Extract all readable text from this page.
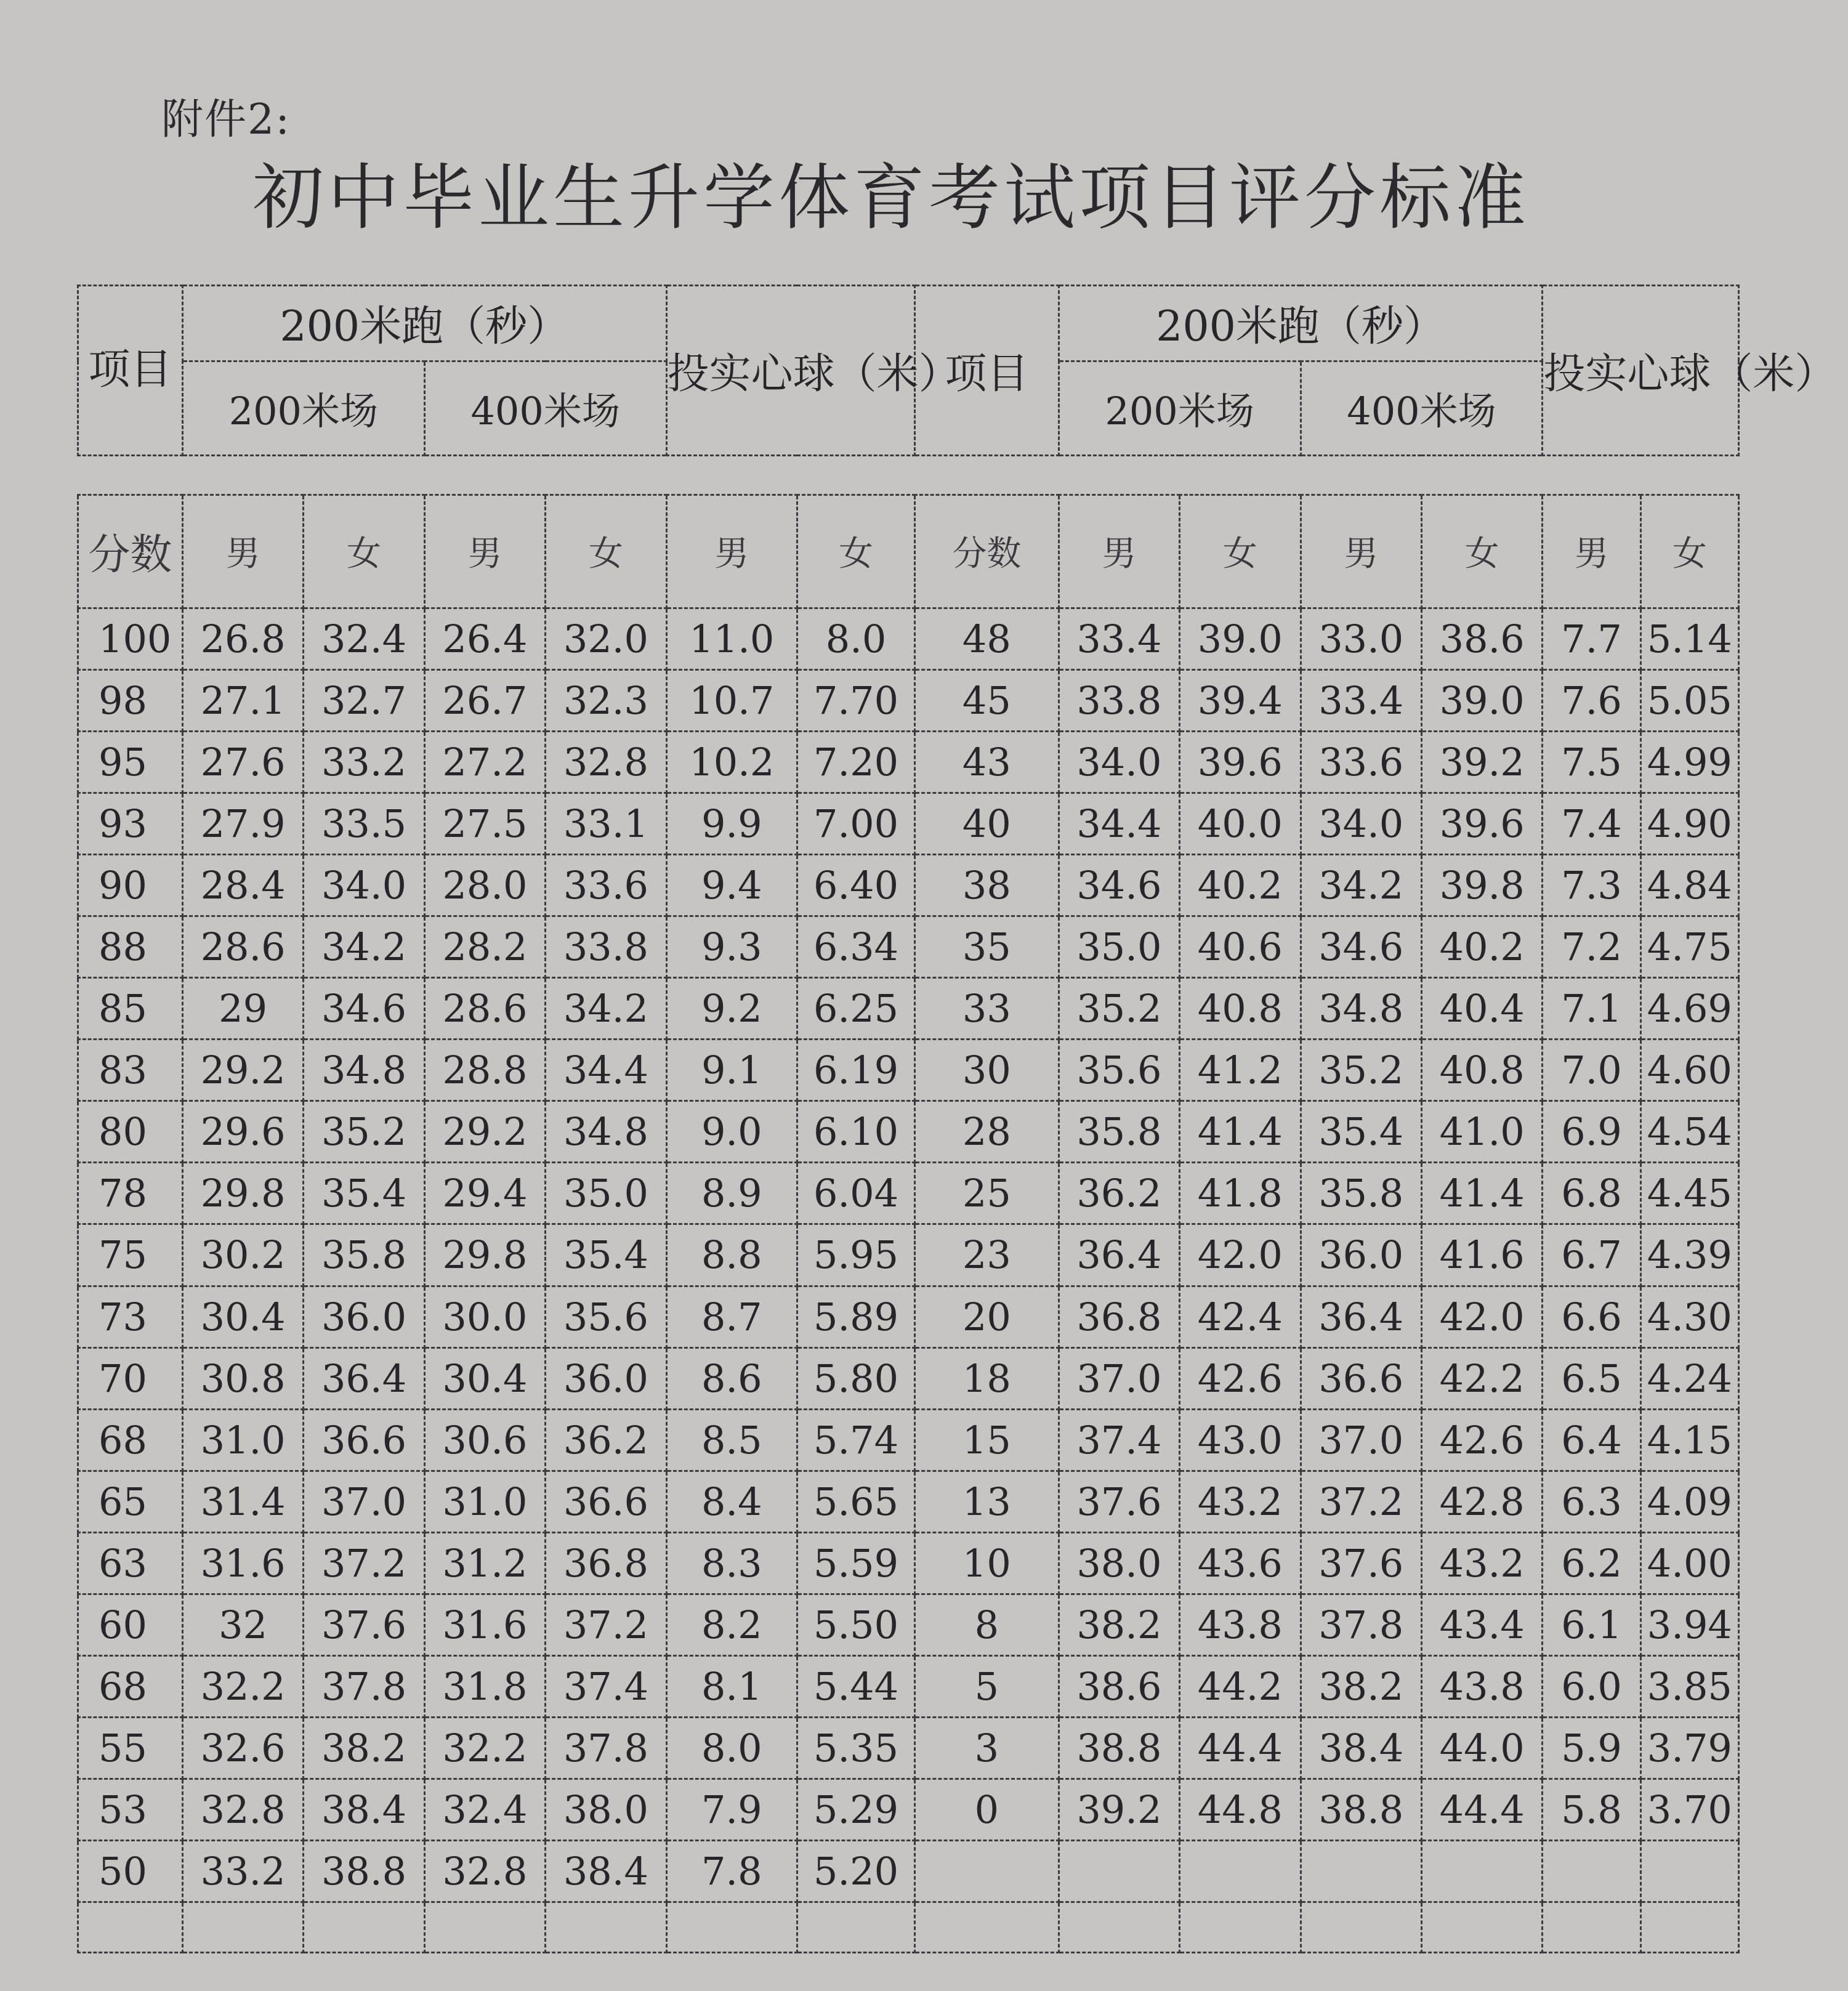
附件2:
初中毕业生升学体育考试项目评分标准
项目	200米跑（秒）				投实心球（米）		项目	200米跑（秒）				投实心球（米）	
	200米场		400米场					200米场		400米场			

分数	男	女	男	女	男	女	分数	男	女	男	女	男	女
100	26.8	32.4	26.4	32.0	11.0	8.0	48	33.4	39.0	33.0	38.6	7.7	5.14
98	27.1	32.7	26.7	32.3	10.7	7.70	45	33.8	39.4	33.4	39.0	7.6	5.05
95	27.6	33.2	27.2	32.8	10.2	7.20	43	34.0	39.6	33.6	39.2	7.5	4.99
93	27.9	33.5	27.5	33.1	9.9	7.00	40	34.4	40.0	34.0	39.6	7.4	4.90
90	28.4	34.0	28.0	33.6	9.4	6.40	38	34.6	40.2	34.2	39.8	7.3	4.84
88	28.6	34.2	28.2	33.8	9.3	6.34	35	35.0	40.6	34.6	40.2	7.2	4.75
85	29	34.6	28.6	34.2	9.2	6.25	33	35.2	40.8	34.8	40.4	7.1	4.69
83	29.2	34.8	28.8	34.4	9.1	6.19	30	35.6	41.2	35.2	40.8	7.0	4.60
80	29.6	35.2	29.2	34.8	9.0	6.10	28	35.8	41.4	35.4	41.0	6.9	4.54
78	29.8	35.4	29.4	35.0	8.9	6.04	25	36.2	41.8	35.8	41.4	6.8	4.45
75	30.2	35.8	29.8	35.4	8.8	5.95	23	36.4	42.0	36.0	41.6	6.7	4.39
73	30.4	36.0	30.0	35.6	8.7	5.89	20	36.8	42.4	36.4	42.0	6.6	4.30
70	30.8	36.4	30.4	36.0	8.6	5.80	18	37.0	42.6	36.6	42.2	6.5	4.24
68	31.0	36.6	30.6	36.2	8.5	5.74	15	37.4	43.0	37.0	42.6	6.4	4.15
65	31.4	37.0	31.0	36.6	8.4	5.65	13	37.6	43.2	37.2	42.8	6.3	4.09
63	31.6	37.2	31.2	36.8	8.3	5.59	10	38.0	43.6	37.6	43.2	6.2	4.00
60	32	37.6	31.6	37.2	8.2	5.50	8	38.2	43.8	37.8	43.4	6.1	3.94
68	32.2	37.8	31.8	37.4	8.1	5.44	5	38.6	44.2	38.2	43.8	6.0	3.85
55	32.6	38.2	32.2	37.8	8.0	5.35	3	38.8	44.4	38.4	44.0	5.9	3.79
53	32.8	38.4	32.4	38.0	7.9	5.29	0	39.2	44.8	38.8	44.4	5.8	3.70
50	33.2	38.8	32.8	38.4	7.8	5.20							
